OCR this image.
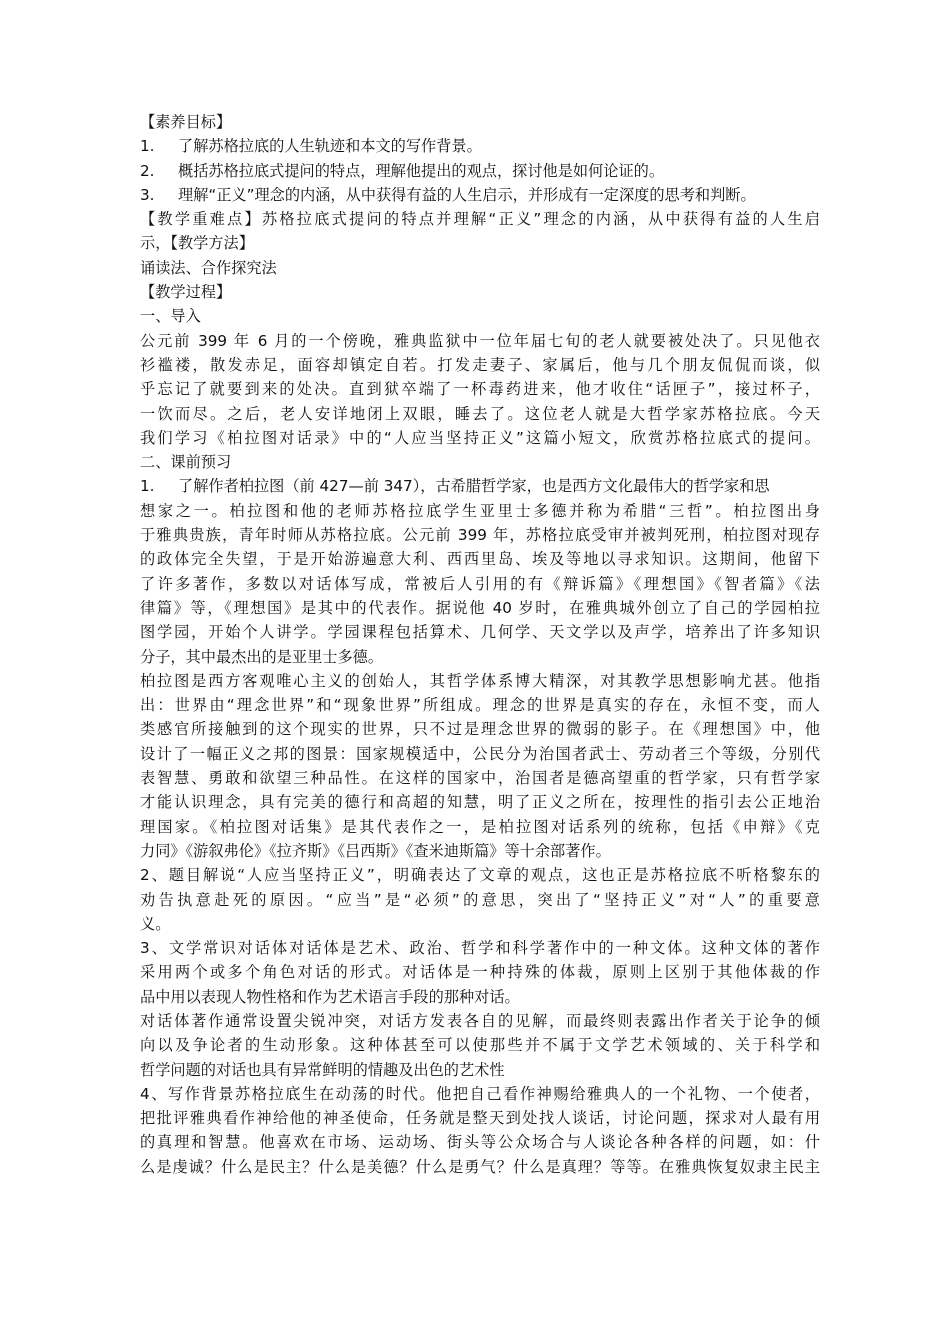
【素养目标】
1.	了解苏格拉底的人生轨迹和本文的写作背景。
2.	概括苏格拉底式提问的特点，理解他提出的观点，探讨他是如何论证的。
3.	理解“正义”理念的内涵，从中获得有益的人生启示，并形成有一定深度的思考和判断。
【教学重难点】苏格拉底式提问的特点并理解“正义”理念的内涵，从中获得有益的人生启
示，【教学方法】
诵读法、合作探究法
【教学过程】
一、导入
公元前 399 年 6 月的一个傍晚，雅典监狱中一位年届七旬的老人就要被处决了。只见他衣
衫褴褛，散发赤足，面容却镇定自若。打发走妻子、家属后，他与几个朋友侃侃而谈，似
乎忘记了就要到来的处决。直到狱卒端了一杯毒药进来，他才收住“话匣子”，接过杯子，
一饮而尽。之后，老人安详地闭上双眼，睡去了。这位老人就是大哲学家苏格拉底。今天
我们学习《柏拉图对话录》中的“人应当坚持正义”这篇小短文，欣赏苏格拉底式的提问。
二、课前预习
1.	了解作者柏拉图（前 427—前 347），古希腊哲学家，也是西方文化最伟大的哲学家和思
想家之一。柏拉图和他的老师苏格拉底学生亚里士多德并称为希腊“三哲”。柏拉图出身
于雅典贵族，青年时师从苏格拉底。公元前 399 年，苏格拉底受审并被判死刑，柏拉图对现存
的政体完全失望，于是开始游遍意大利、西西里岛、埃及等地以寻求知识。这期间，他留下
了许多著作，多数以对话体写成，常被后人引用的有《辩诉篇》《理想国》《智者篇》《法
律篇》等，《理想国》是其中的代表作。据说他 40 岁时，在雅典城外创立了自己的学园柏拉
图学园，开始个人讲学。学园课程包括算术、几何学、天文学以及声学，培养出了许多知识
分子，其中最杰出的是亚里士多德。
柏拉图是西方客观唯心主义的创始人，其哲学体系博大精深，对其教学思想影响尤甚。他指
出：世界由“理念世界”和“现象世界”所组成。理念的世界是真实的存在，永恒不变，而人
类感官所接触到的这个现实的世界，只不过是理念世界的微弱的影子。在《理想国》中，他
设计了一幅正义之邦的图景：国家规模适中，公民分为治国者武士、劳动者三个等级，分别代
表智慧、勇敢和欲望三种品性。在这样的国家中，治国者是德高望重的哲学家，只有哲学家
才能认识理念，具有完美的德行和高超的知慧，明了正义之所在，按理性的指引去公正地治
理国家。《柏拉图对话集》是其代表作之一，是柏拉图对话系列的统称，包括《申辩》《克
力同》《游叙弗伦》《拉齐斯》《吕西斯》《查米迪斯篇》等十余部著作。
2、题目解说“人应当坚持正义”，明确表达了文章的观点，这也正是苏格拉底不听格黎东的
劝告执意赴死的原因。“应当”是“必须”的意思，突出了“坚持正义”对“人”的重要意
义。
3、文学常识对话体对话体是艺术、政治、哲学和科学著作中的一种文体。这种文体的著作
采用两个或多个角色对话的形式。对话体是一种持殊的体裁，原则上区别于其他体裁的作
品中用以表现人物性格和作为艺术语言手段的那种对话。
对话体著作通常设置尖锐冲突，对话方发表各自的见解，而最终则表露出作者关于论争的倾
向以及争论者的生动形象。这种体甚至可以使那些并不属于文学艺术领域的、关于科学和
哲学问题的对话也具有异常鲜明的情趣及出色的艺术性
4、写作背景苏格拉底生在动荡的时代。他把自己看作神赐给雅典人的一个礼物、一个使者，
把批评雅典看作神给他的神圣使命，任务就是整天到处找人谈话，讨论问题，探求对人最有用
的真理和智慧。他喜欢在市场、运动场、街头等公众场合与人谈论各种各样的问题，如：什
么是虔诚？什么是民主？什么是美德？什么是勇气？什么是真理？等等。在雅典恢复奴隶主民主
